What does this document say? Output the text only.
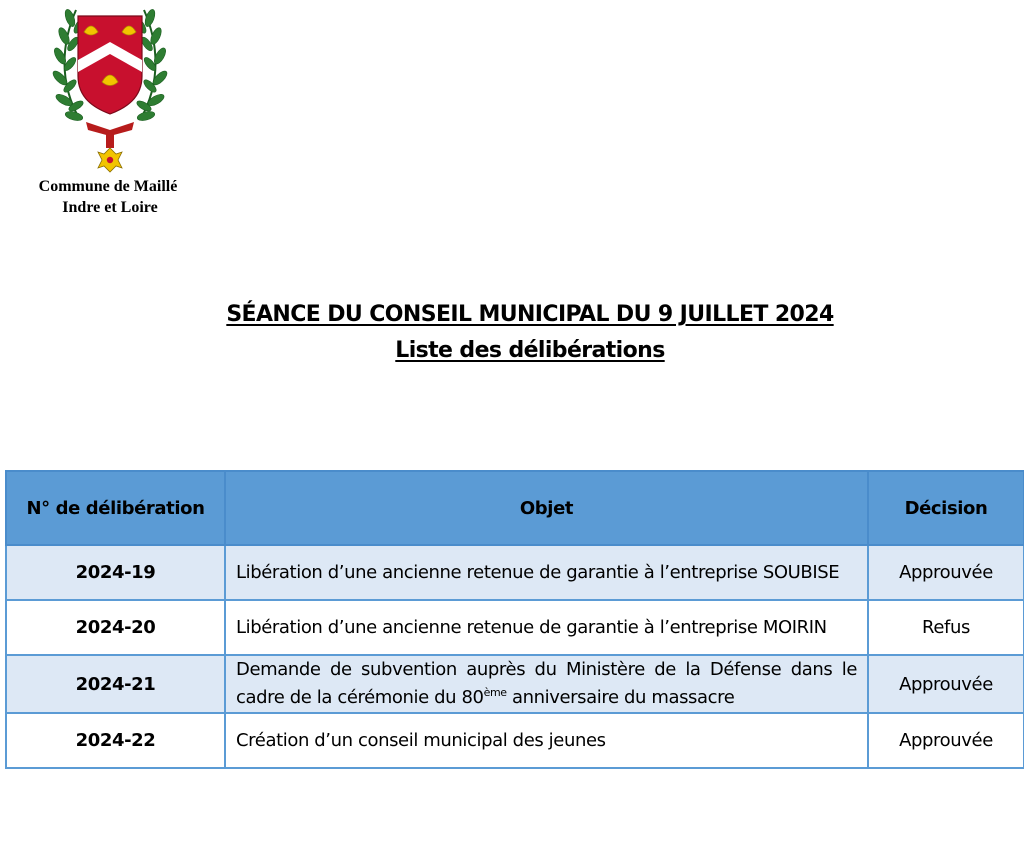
Commune de Maillé
Indre et Loire
SÉANCE DU CONSEIL MUNICIPAL DU 9 JUILLET 2024
Liste des délibérations
N° de délibération	Objet	Décision
2024-19	Libération d’une ancienne retenue de garantie à l’entreprise SOUBISE	Approuvée
2024-20	Libération d’une ancienne retenue de garantie à l’entreprise MOIRIN	Refus
2024-21	Demande de subvention auprès du Ministère de la Défense dans le cadre de la cérémonie du 80ème anniversaire du massacre	Approuvée
2024-22	Création d’un conseil municipal des jeunes	Approuvée
